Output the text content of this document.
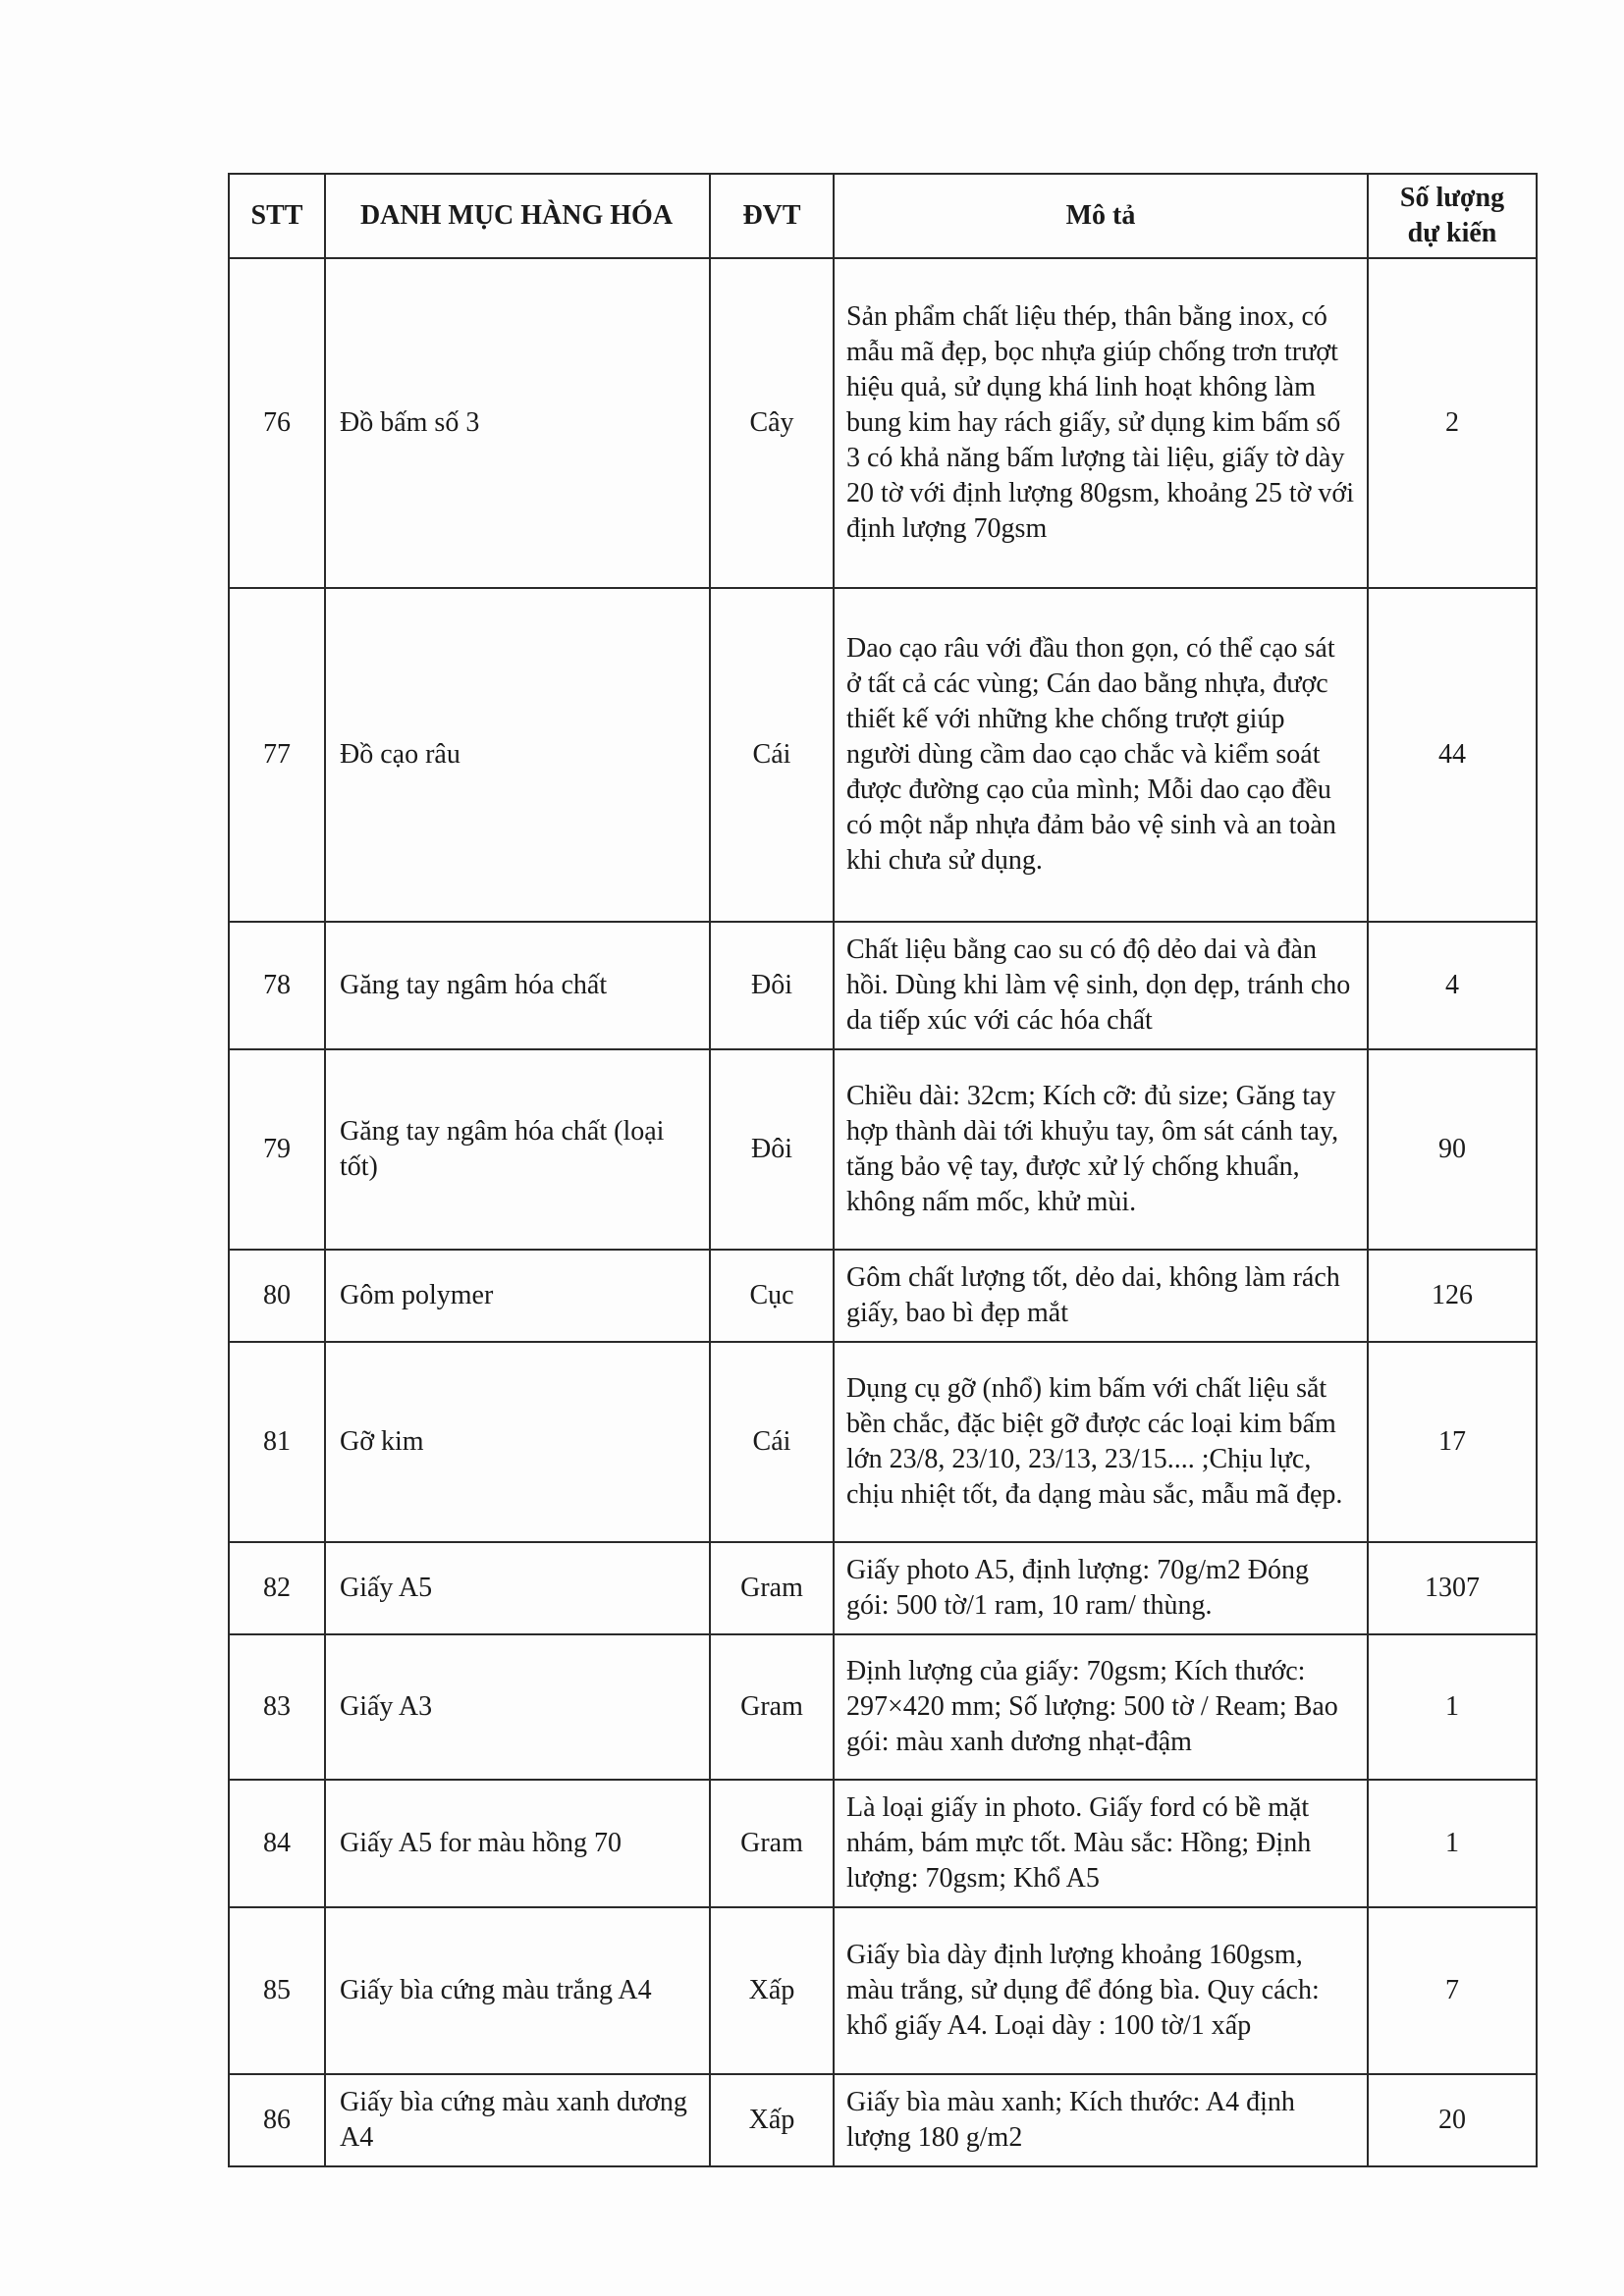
STT	DANH MỤC HÀNG HÓA	ĐVT	Mô tả	Số lượng
dự kiến

76	Đồ bấm số 3	Cây	Sản phẩm chất liệu thép, thân bằng inox, có mẫu mã đẹp, bọc nhựa giúp chống trơn trượt hiệu quả, sử dụng khá linh hoạt không làm bung kim hay rách giấy, sử dụng kim bấm số 3 có khả năng bấm lượng tài liệu, giấy tờ dày 20 tờ với định lượng 80gsm, khoảng 25 tờ với định lượng 70gsm	2
77	Đồ cạo râu	Cái	Dao cạo râu với đầu thon gọn, có thể cạo sát ở tất cả các vùng; Cán dao bằng nhựa, được thiết kế với những khe chống trượt giúp người dùng cầm dao cạo chắc và kiểm soát được đường cạo của mình; Mỗi dao cạo đều có một nắp nhựa đảm bảo vệ sinh và an toàn khi chưa sử dụng.	44
78	Găng tay ngâm hóa chất	Đôi	Chất liệu bằng cao su có độ dẻo dai và đàn hồi. Dùng khi làm vệ sinh, dọn dẹp, tránh cho da tiếp xúc với các hóa chất	4
79	Găng tay ngâm hóa chất (loại tốt)	Đôi	Chiều dài: 32cm; Kích cỡ: đủ size; Găng tay hợp thành dài tới khuỷu tay, ôm sát cánh tay, tăng bảo vệ tay, được xử lý chống khuẩn, không nấm mốc, khử mùi.	90
80	Gôm polymer	Cục	Gôm chất lượng tốt, dẻo dai, không làm rách giấy, bao bì đẹp mắt	126
81	Gỡ kim	Cái	Dụng cụ gỡ (nhổ) kim bấm với chất liệu sắt bền chắc, đặc biệt gỡ được các loại kim bấm lớn 23/8, 23/10, 23/13, 23/15.... ;Chịu lực, chịu nhiệt tốt, đa dạng màu sắc, mẫu mã đẹp.	17
82	Giấy A5	Gram	Giấy photo A5, định lượng: 70g/m2 Đóng gói: 500 tờ/1 ram, 10 ram/ thùng.	1307
83	Giấy A3	Gram	Định lượng của giấy: 70gsm; Kích thước: 297×420 mm; Số lượng: 500 tờ / Ream; Bao gói: màu xanh dương nhạt-đậm	1
84	Giấy A5 for màu hồng 70	Gram	Là loại giấy in photo. Giấy ford có bề mặt nhám, bám mực tốt. Màu sắc: Hồng; Định lượng: 70gsm; Khổ A5	1
85	Giấy bìa cứng màu trắng A4	Xấp	Giấy bìa dày định lượng khoảng 160gsm, màu trắng, sử dụng để đóng bìa. Quy cách: khổ giấy A4. Loại dày : 100 tờ/1 xấp	7
86	Giấy bìa cứng màu xanh dương A4	Xấp	Giấy bìa màu xanh; Kích thước: A4 định lượng 180 g/m2	20
